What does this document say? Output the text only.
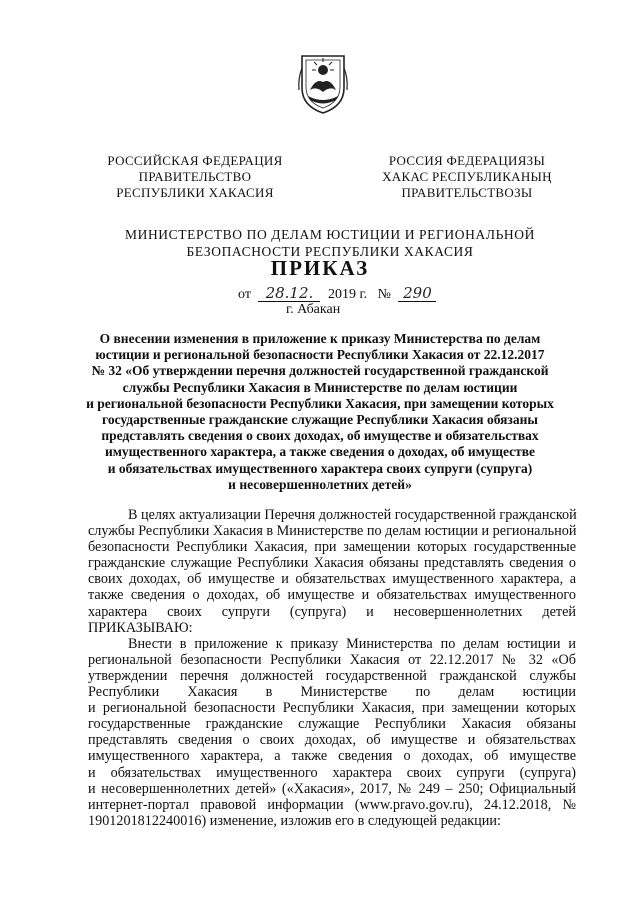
РОССИЙСКАЯ ФЕДЕРАЦИЯ
ПРАВИТЕЛЬСТВО
РЕСПУБЛИКИ ХАКАСИЯ
РОССИЯ ФЕДЕРАЦИЯЗЫ
ХАКАС РЕСПУБЛИКАНЫҢ
ПРАВИТЕЛЬСТВОЗЫ
МИНИСТЕРСТВО ПО ДЕЛАМ ЮСТИЦИИ И РЕГИОНАЛЬНОЙ
БЕЗОПАСНОСТИ РЕСПУБЛИКИ ХАКАСИЯ
ПРИКАЗ
от 28.12. 2019 г. № 290
г. Абакан
О внесении изменения в приложение к приказу Министерства по делам
юстиции и региональной безопасности Республики Хакасия от 22.12.2017
№ 32 «Об утверждении перечня должностей государственной гражданской
службы Республики Хакасия в Министерстве по делам юстиции
и региональной безопасности Республики Хакасия, при замещении которых
государственные гражданские служащие Республики Хакасия обязаны
представлять сведения о своих доходах, об имуществе и обязательствах
имущественного характера, а также сведения о доходах, об имуществе
и обязательствах имущественного характера своих супруги (супруга)
и несовершеннолетних детей»
В целях актуализации Перечня должностей государственной гражданской
службы Республики Хакасия в Министерстве по делам юстиции и региональной
безопасности Республики Хакасия, при замещении которых государственные
гражданские служащие Республики Хакасия обязаны представлять сведения о
своих доходах, об имуществе и обязательствах имущественного характера, а
также сведения о доходах, об имуществе и обязательствах имущественного
характера своих супруги (супруга) и несовершеннолетних детей
ПРИКАЗЫВАЮ:
Внести в приложение к приказу Министерства по делам юстиции и
региональной безопасности Республики Хакасия от 22.12.2017 № 32 «Об
утверждении перечня должностей государственной гражданской службы
Республики Хакасия в Министерстве по делам юстиции
и региональной безопасности Республики Хакасия, при замещении которых
государственные гражданские служащие Республики Хакасия обязаны
представлять сведения о своих доходах, об имуществе и обязательствах
имущественного характера, а также сведения о доходах, об имуществе
и обязательствах имущественного характера своих супруги (супруга)
и несовершеннолетних детей» («Хакасия», 2017, № 249 – 250; Официальный
интернет-портал правовой информации (www.pravo.gov.ru), 24.12.2018, №
1901201812240016) изменение, изложив его в следующей редакции:
